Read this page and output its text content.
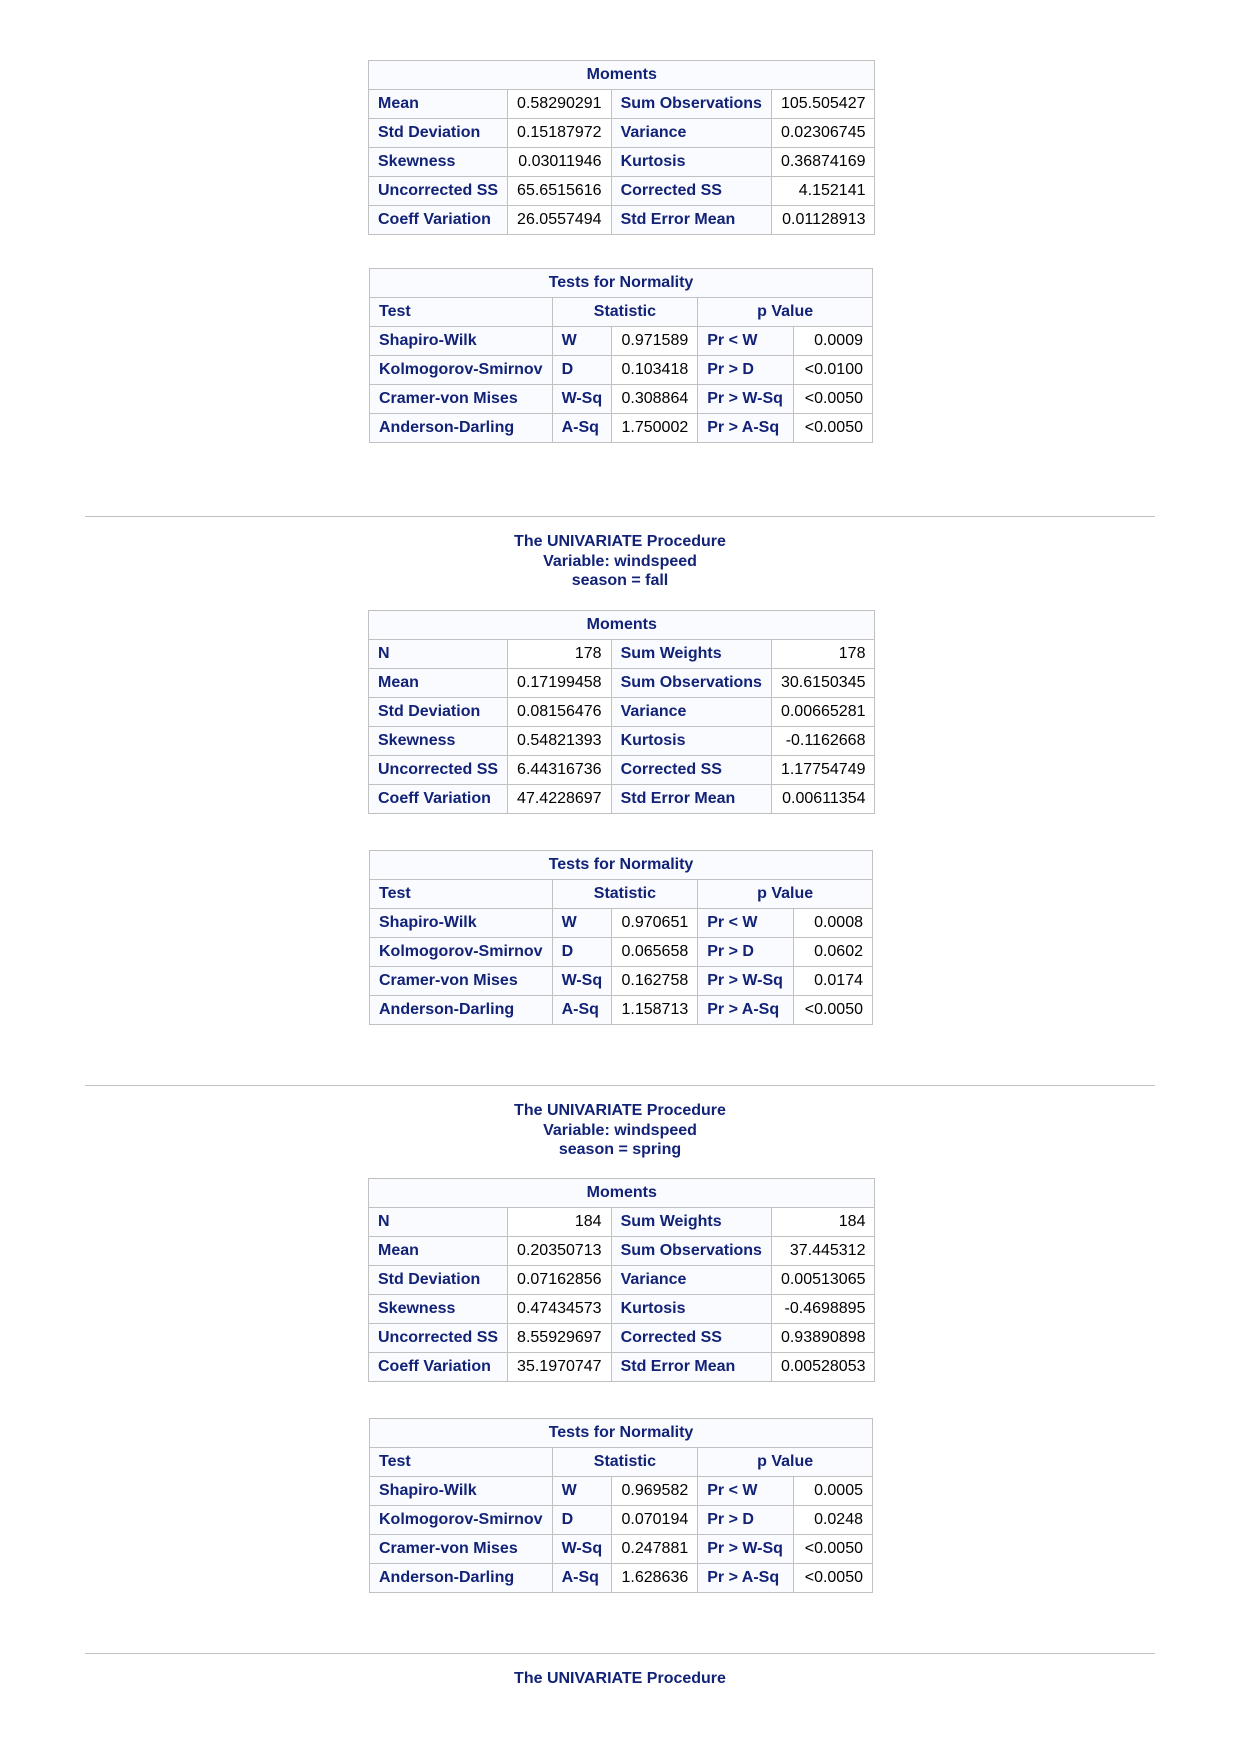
Moments			
Mean	0.58290291	Sum Observations	105.505427
Std Deviation	0.15187972	Variance	0.02306745
Skewness	0.03011946	Kurtosis	0.36874169
Uncorrected SS	65.6515616	Corrected SS	4.152141
Coeff Variation	26.0557494	Std Error Mean	0.01128913
Tests for Normality				
Test	Statistic		p Value	
Shapiro-Wilk	W	0.971589	Pr < W	0.0009
Kolmogorov-Smirnov	D	0.103418	Pr > D	<0.0100
Cramer-von Mises	W-Sq	0.308864	Pr > W-Sq	<0.0050
Anderson-Darling	A-Sq	1.750002	Pr > A-Sq	<0.0050
The UNIVARIATE Procedure
Variable: windspeed
season = fall
Moments			
N	178	Sum Weights	178
Mean	0.17199458	Sum Observations	30.6150345
Std Deviation	0.08156476	Variance	0.00665281
Skewness	0.54821393	Kurtosis	-0.1162668
Uncorrected SS	6.44316736	Corrected SS	1.17754749
Coeff Variation	47.4228697	Std Error Mean	0.00611354
Tests for Normality				
Test	Statistic		p Value	
Shapiro-Wilk	W	0.970651	Pr < W	0.0008
Kolmogorov-Smirnov	D	0.065658	Pr > D	0.0602
Cramer-von Mises	W-Sq	0.162758	Pr > W-Sq	0.0174
Anderson-Darling	A-Sq	1.158713	Pr > A-Sq	<0.0050
The UNIVARIATE Procedure
Variable: windspeed
season = spring
Moments			
N	184	Sum Weights	184
Mean	0.20350713	Sum Observations	37.445312
Std Deviation	0.07162856	Variance	0.00513065
Skewness	0.47434573	Kurtosis	-0.4698895
Uncorrected SS	8.55929697	Corrected SS	0.93890898
Coeff Variation	35.1970747	Std Error Mean	0.00528053
Tests for Normality				
Test	Statistic		p Value	
Shapiro-Wilk	W	0.969582	Pr < W	0.0005
Kolmogorov-Smirnov	D	0.070194	Pr > D	0.0248
Cramer-von Mises	W-Sq	0.247881	Pr > W-Sq	<0.0050
Anderson-Darling	A-Sq	1.628636	Pr > A-Sq	<0.0050
The UNIVARIATE Procedure
